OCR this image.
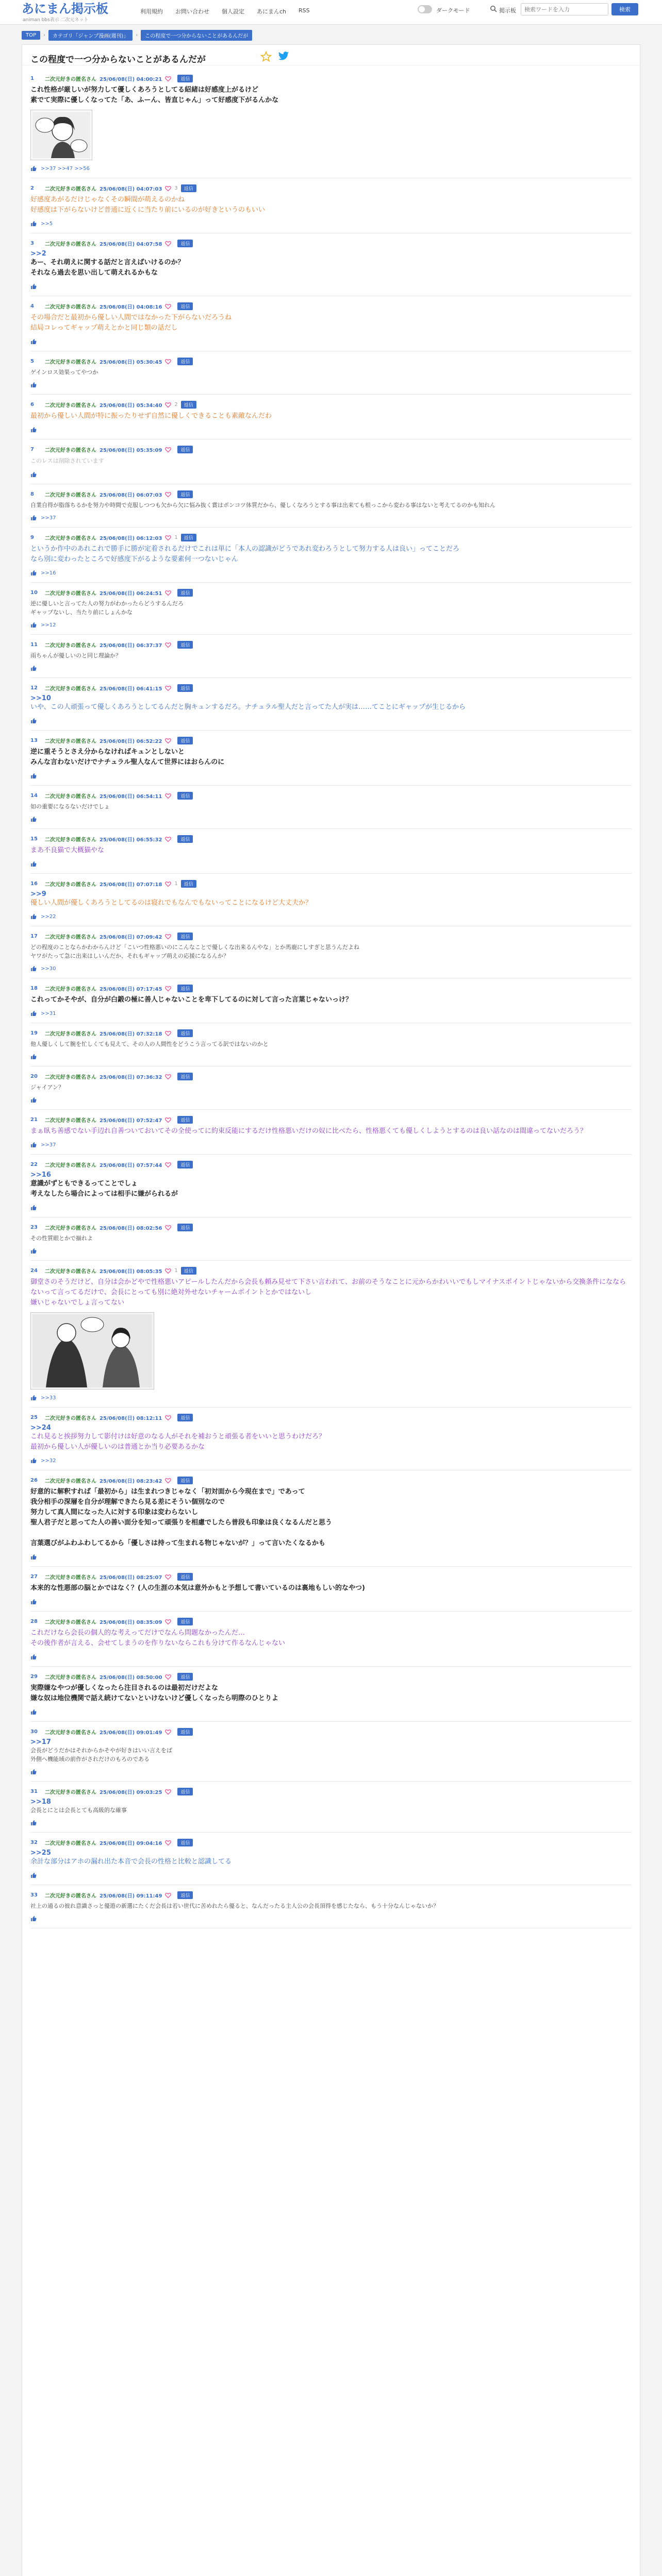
あにまん掲示板
animan bbs表示 二次元ネット
利用規約 お問い合わせ 個人設定 あにまんch RSS	ダークモード	掲示板
検索ワードを入力	検索
TOP	›	カテゴリ「ジャンプ漫画(週刊)」	›	この程度で一つ分からないことがあるんだが
この程度で一つ分からないことがあるんだが
1	二次元好きの匿名さん 25/06/08(日) 04:00:21	返信
これ性格が厳しいが努力して優しくあろうとしてる紹緒は好感度上がるけど
素でて実際に優しくなってた「あ、ふーん、皆直じゃん」って好感度下がるんかな
>>37 >>47 >>56
2	二次元好きの匿名さん 25/06/08(日) 04:07:03 3	返信
好感度あがるだけじゃなくその瞬間が萌えるのかね
好感度は下がらないけど普通に近くに当たり前にいるのが好きというのもいい
>>5
3	二次元好きの匿名さん 25/06/08(日) 04:07:58	返信
>>2
あー、それ萌えに関する話だと言えばいけるのか？
それなら過去を思い出して萌えれるかもな
4	二次元好きの匿名さん 25/06/08(日) 04:08:16	返信
その場合だと最初から優しい人間ではなかった下がらないだろうね
結局コレってギャップ萌えとかと同じ類の話だし
5	二次元好きの匿名さん 25/06/08(日) 05:30:45	返信
ゲインロス効果ってやつか
6	二次元好きの匿名さん 25/06/08(日) 05:34:40 2	返信
最初から優しい人間が特に振ったりせず自然に優しくできることも素敵なんだわ
7	二次元好きの匿名さん 25/06/08(日) 05:35:09	返信
このレスは削除されています
8	二次元好きの匿名さん 25/06/08(日) 06:07:03	返信
自業自得が脂落ちるかを努力や時間で克服しつつも欠から欠に悩み抜く賞はポンコツ体質だから、優しくなろうとする事は出来ても根っこから変わる事はないと考えてるのかも知れん
>>37
9	二次元好きの匿名さん 25/06/08(日) 06:12:03 1	返信
というか作中のあれこれで勝手に勝が定着されるだけでこれは単に「本人の認識がどうであれ変わろうとして努力する人は良い」ってことだろ
なら別に変わったところで好感度下がるような要素何一つないじゃん
>>16
10	二次元好きの匿名さん 25/06/08(日) 06:24:51	返信
逆に優しいと言ってた人の努力がわかったらどうするんだろ
ギャップないし、当たり前にしょんかな
>>12
11	二次元好きの匿名さん 25/06/08(日) 06:37:37	返信
雨ちゃんが優しいのと同じ理論か？
12	二次元好きの匿名さん 25/06/08(日) 06:41:15	返信
>>10
いや、この人頑張って優しくあろうとしてるんだと胸キュンするだろ。ナチュラル聖人だと言ってた人が実は……てことにギャップが生じるから
13	二次元好きの匿名さん 25/06/08(日) 06:52:22	返信
逆に重そうとさえ分からなければキュンとしないと
みんな言わないだけでナチュラル聖人なんて世界にはおらんのに
14	二次元好きの匿名さん 25/06/08(日) 06:54:11	返信
如の重要になるないだけでしょ
15	二次元好きの匿名さん 25/06/08(日) 06:55:32	返信
まあ不良猫で大概猫やな
16	二次元好きの匿名さん 25/06/08(日) 07:07:18 1	返信
>>9
優しい人間が優しくあろうとしてるのは寝れでもなんでもないってことになるけど大丈夫か？
>>22
17	二次元好きの匿名さん 25/06/08(日) 07:09:42	返信
どの程度のことならかわからんけど「こいつ性格悪いのにこんなことで優しくな出来るんやな」とか馬鹿にしすぎと思うんだよね
ヤワがたって急に出来はしいんだか、それもギャップ萌えの応援になるんか？
>>30
18	二次元好きの匿名さん 25/06/08(日) 07:17:45	返信
これってかそやが、自分が白鍛の極に善人じゃないことを卑下してるのに対して言った言葉じゃないっけ？
>>31
19	二次元好きの匿名さん 25/06/08(日) 07:32:18	返信
他人優しくして腕を忙しくても見えて、その人の人間性をどうこう言ってる訳ではないのかと
20	二次元好きの匿名さん 25/06/08(日) 07:36:32	返信
ジャイアン？
21	二次元好きの匿名さん 25/06/08(日) 07:52:47	返信
まぁ臥ち善感でない手辺れ自善ついておいてその全使ってに約束反能にするだけ性格悪いだけの奴に比べたら、性格悪くても優しくしようとするのは良い話なのは間違ってないだろう？
>>37
22	二次元好きの匿名さん 25/06/08(日) 07:57:44	返信
>>16
意識がずともできるってことでしょ
考えなしたら場合によっては相手に嫌がられるが
23	二次元好きの匿名さん 25/06/08(日) 08:02:56	返信
その性質眼とかで揃れよ
24	二次元好きの匿名さん 25/06/08(日) 08:05:35 1	返信
御堂さのそうだけど、自分は会かどやで性格悪いアピールしたんだから会長も頼み見せて下さい言われて、お前のそうなことに元からかわいいでもしマイナスポイントじゃないから交換条件になならないって言ってるだけで、会長にとっても別に絶対外せないチャームポイントとかではないし
嫌いじゃないでしょ言ってない
>>33
25	二次元好きの匿名さん 25/06/08(日) 08:12:11	返信
>>24
これ見ると挨拶努力して影付けは好意のなる人がそれを補おうと頑張る者をいいと思うわけだろ？
最初から優しい人が優しいのは普通とか当り必要あるかな
>>32
26	二次元好きの匿名さん 25/06/08(日) 08:23:42	返信
好意的に解釈すれば「最初から」は生まれつきじゃなく「初対面から今現在まで」であって
我分相手の深層を自分が理解できたら見る差にそうい個別なので
努力して真人間になった人に対する印象は変わらないし
聖人君子だと思ってた人の善い面分を知って頑張りを相慮でしたら普段も印象は良くなるんだと思う

言葉選びがふわふわしてるから「優しさは持って生まれる物じゃないが？」って言いたくなるかも
27	二次元好きの匿名さん 25/06/08(日) 08:25:07	返信
本来的な性悪部の脳とかではなく？(人の生涯の本気は意外かもと予想して書いているのは裏地もしい的なやつ)
28	二次元好きの匿名さん 25/06/08(日) 08:35:09	返信
これだけなら会長の個人的な考えってだけでなんら問題なかったんだ…
その後作者が言える、会せてしまうのを作りないならこれも分けて作るなんじゃない
29	二次元好きの匿名さん 25/06/08(日) 08:50:00	返信
実際嫌なやつが優しくなったら注目されるのは最初だけだよな
嫌な奴は地位機関で話え続けてないといけないけど優しくなったら明際のひとりよ
30	二次元好きの匿名さん 25/06/08(日) 09:01:49	返信
>>17
会長がどうだかはそれからかそやが好きはいい言えをば
外側へ機能域の前作がされだけのもろのである
31	二次元好きの匿名さん 25/06/08(日) 09:03:25	返信
>>18
会長とにとは会長とても高級的な確事
32	二次元好きの匿名さん 25/06/08(日) 09:04:16	返信
>>25
余計な部分はアホの漏れ出た本音で会長の性格と比較と認識してる
33	二次元好きの匿名さん 25/06/08(日) 09:11:49	返信
社上の通るの彼れ意識さっと優遊の新選にたくだ会長は若い世代に苦めれたら優ると、なんだったる主人公の会長頂得を感じたなら、もう十分なんじゃないか？
